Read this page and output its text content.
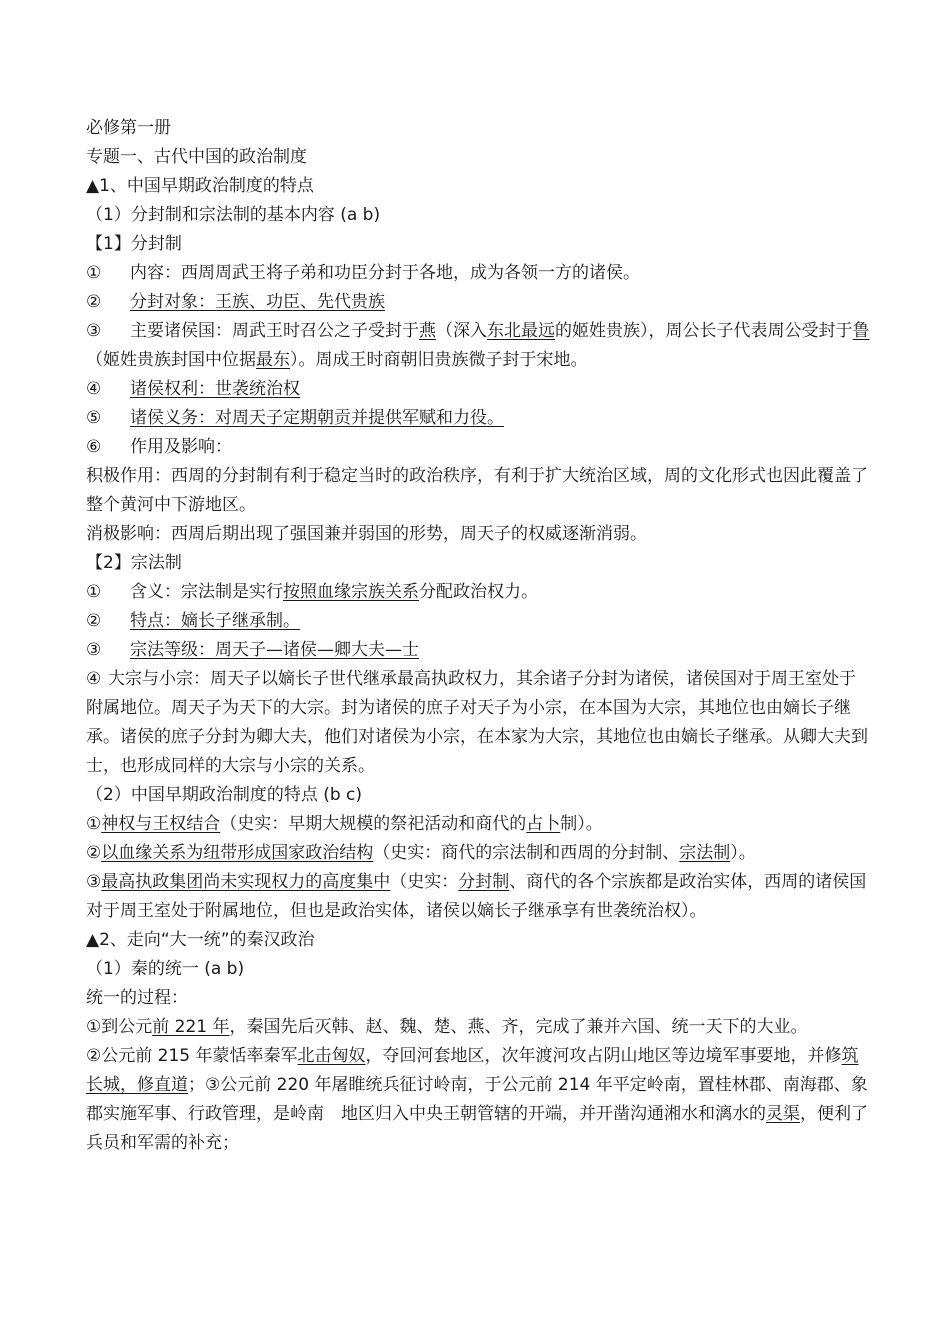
必修第一册
专题一、古代中国的政治制度
▲1、中国早期政治制度的特点
（1）分封制和宗法制的基本内容 (a b)
【1】分封制
① 内容：西周周武王将子弟和功臣分封于各地，成为各领一方的诸侯。
② 分封对象：王族、功臣、先代贵族
③ 主要诸侯国：周武王时召公之子受封于燕（深入东北最远的姬姓贵族），周公长子代表周公受封于鲁（姬姓贵族封国中位据最东）。周成王时商朝旧贵族微子封于宋地。
④ 诸侯权利：世袭统治权
⑤ 诸侯义务：对周天子定期朝贡并提供军赋和力役。
⑥ 作用及影响：
积极作用：西周的分封制有利于稳定当时的政治秩序，有利于扩大统治区域，周的文化形式也因此覆盖了整个黄河中下游地区。
消极影响：西周后期出现了强国兼并弱国的形势，周天子的权威逐渐消弱。
【2】宗法制
① 含义：宗法制是实行按照血缘宗族关系分配政治权力。
② 特点：嫡长子继承制。
③ 宗法等级：周天子—诸侯—卿大夫—士
④ 大宗与小宗：周天子以嫡长子世代继承最高执政权力，其余诸子分封为诸侯，诸侯国对于周王室处于附属地位。周天子为天下的大宗。封为诸侯的庶子对天子为小宗，在本国为大宗，其地位也由嫡长子继承。诸侯的庶子分封为卿大夫，他们对诸侯为小宗，在本家为大宗，其地位也由嫡长子继承。从卿大夫到士，也形成同样的大宗与小宗的关系。
（2）中国早期政治制度的特点 (b c)
①神权与王权结合（史实：早期大规模的祭祀活动和商代的占卜制）。
②以血缘关系为纽带形成国家政治结构（史实：商代的宗法制和西周的分封制、宗法制）。
③最高执政集团尚未实现权力的高度集中（史实：分封制、商代的各个宗族都是政治实体，西周的诸侯国对于周王室处于附属地位，但也是政治实体，诸侯以嫡长子继承享有世袭统治权）。
▲2、走向“大一统”的秦汉政治
（1）秦的统一 (a b)
统一的过程：
①到公元前 221 年，秦国先后灭韩、赵、魏、楚、燕、齐，完成了兼并六国、统一天下的大业。
②公元前 215 年蒙恬率秦军北击匈奴，夺回河套地区，次年渡河攻占阴山地区等边境军事要地，并修筑长城，修直道；③公元前 220 年屠睢统兵征讨岭南，于公元前 214 年平定岭南，置桂林郡、南海郡、象郡实施军事、行政管理，是岭南　地区归入中央王朝管辖的开端，并开凿沟通湘水和漓水的灵渠，便利了兵员和军需的补充；
